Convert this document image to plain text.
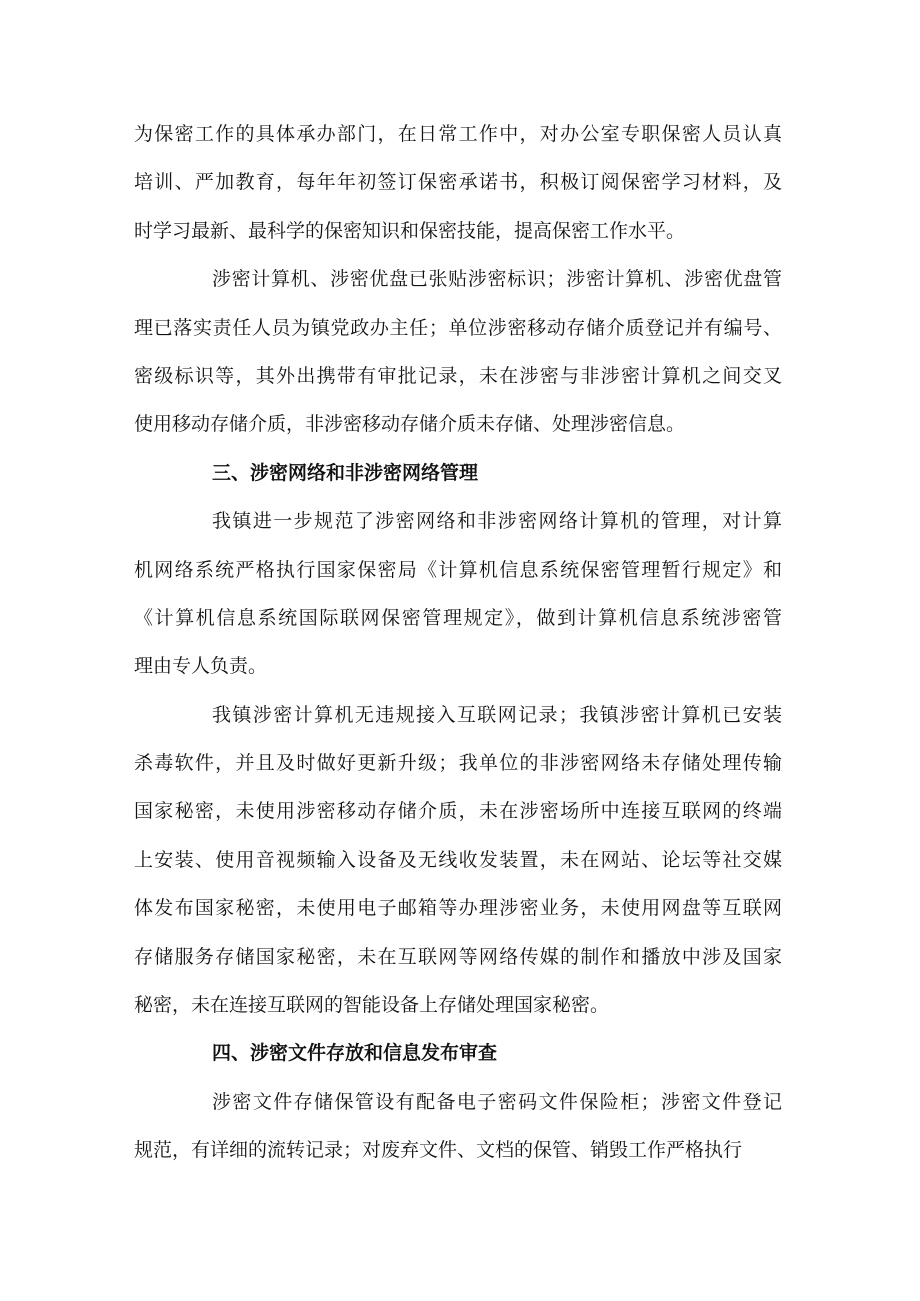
为保密工作的具体承办部门，在日常工作中，对办公室专职保密人员认真
培训、严加教育，每年年初签订保密承诺书，积极订阅保密学习材料，及
时学习最新、最科学的保密知识和保密技能，提高保密工作水平。
涉密计算机、涉密优盘已张贴涉密标识；涉密计算机、涉密优盘管
理已落实责任人员为镇党政办主任；单位涉密移动存储介质登记并有编号、
密级标识等，其外出携带有审批记录，未在涉密与非涉密计算机之间交叉
使用移动存储介质，非涉密移动存储介质未存储、处理涉密信息。
三、涉密网络和非涉密网络管理
我镇进一步规范了涉密网络和非涉密网络计算机的管理，对计算
机网络系统严格执行国家保密局《计算机信息系统保密管理暂行规定》和
《计算机信息系统国际联网保密管理规定》，做到计算机信息系统涉密管
理由专人负责。
我镇涉密计算机无违规接入互联网记录；我镇涉密计算机已安装
杀毒软件，并且及时做好更新升级；我单位的非涉密网络未存储处理传输
国家秘密，未使用涉密移动存储介质，未在涉密场所中连接互联网的终端
上安装、使用音视频输入设备及无线收发装置，未在网站、论坛等社交媒
体发布国家秘密，未使用电子邮箱等办理涉密业务，未使用网盘等互联网
存储服务存储国家秘密，未在互联网等网络传媒的制作和播放中涉及国家
秘密，未在连接互联网的智能设备上存储处理国家秘密。
四、涉密文件存放和信息发布审查
涉密文件存储保管设有配备电子密码文件保险柜；涉密文件登记
规范，有详细的流转记录；对废弃文件、文档的保管、销毁工作严格执行
